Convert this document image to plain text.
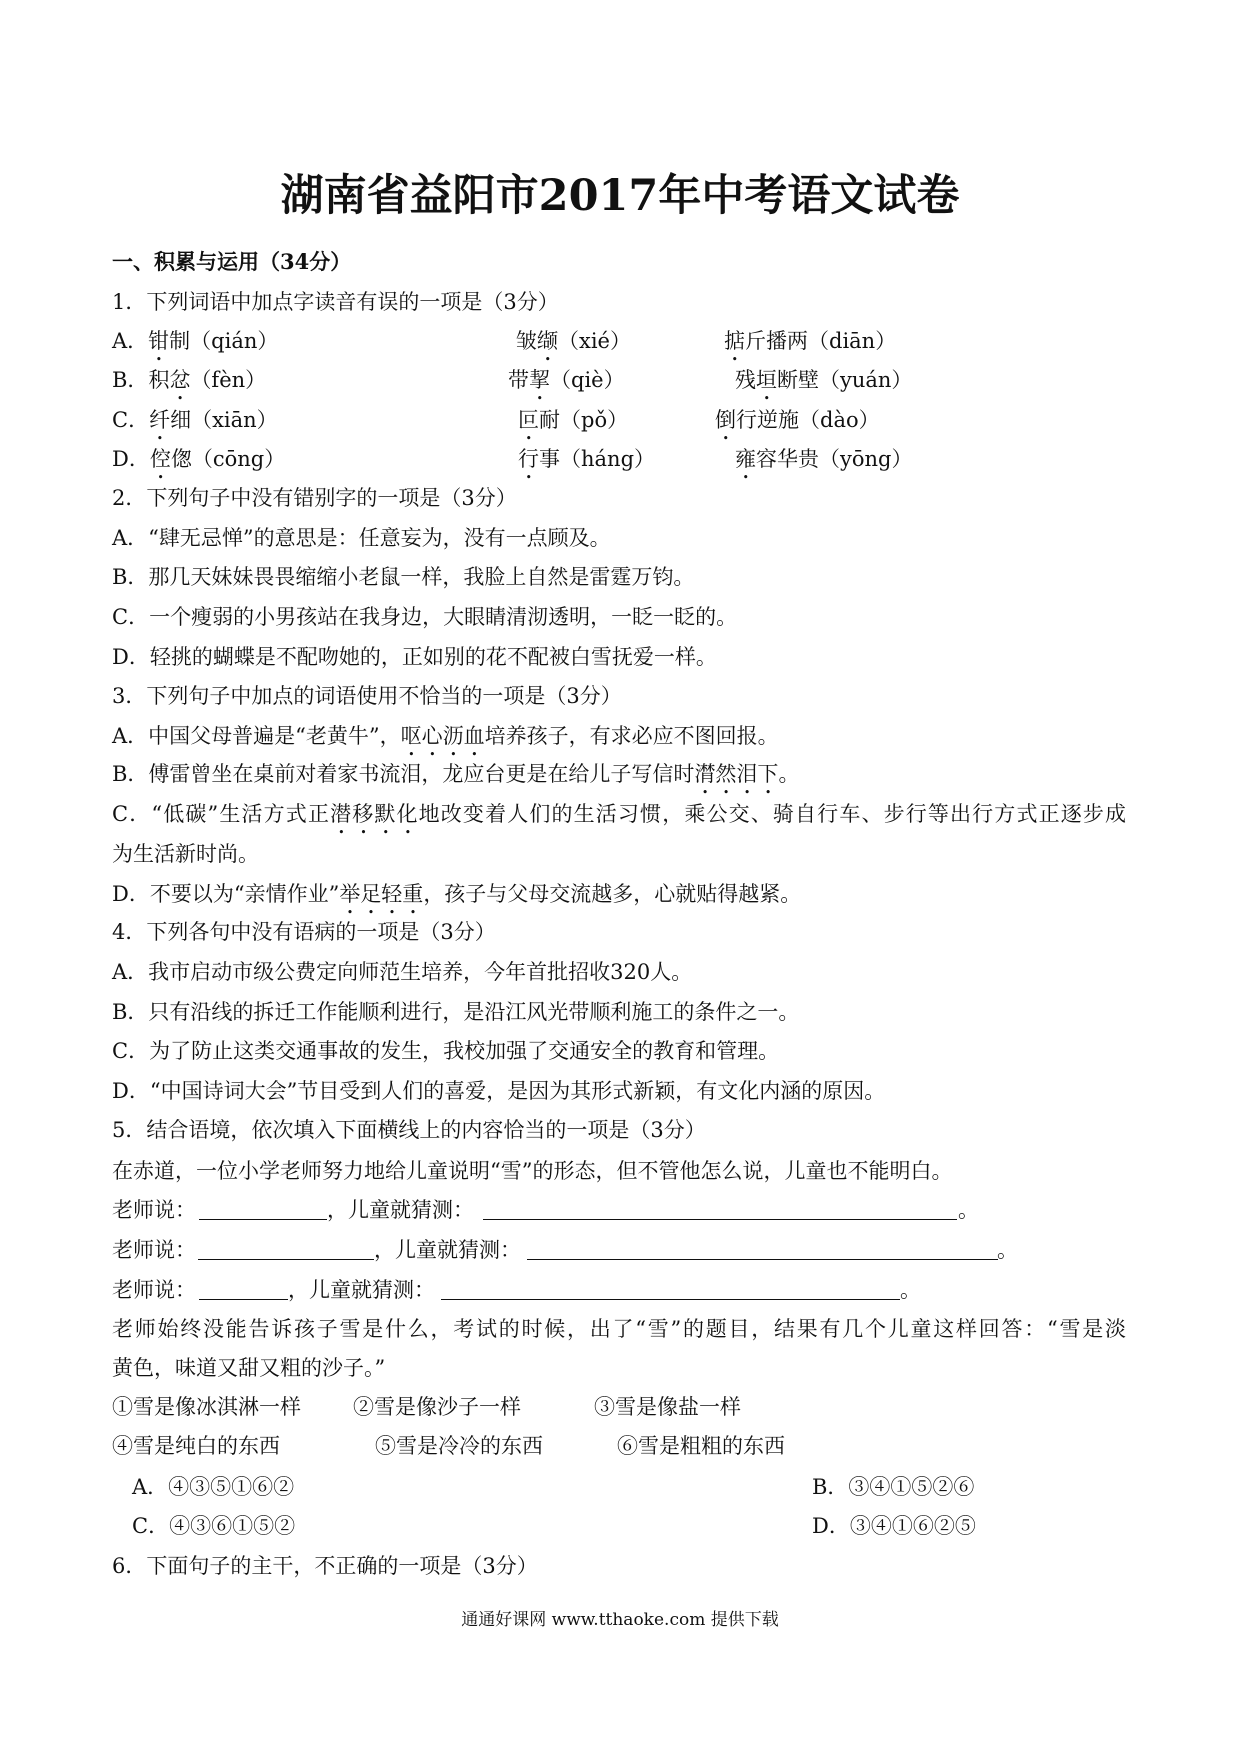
湖南省益阳市2017年中考语文试卷
一、积累与运用（34分）
1．下列词语中加点字读音有误的一项是（3分）
A．钳制（qián）	皱缬（xié）	掂斤播两（diān）
B．积忿（fèn）	带挈（qiè）	残垣断壁（yuán）
C．纤细（xiān）	叵耐（pǒ）	倒行逆施（dào）
D．倥偬（cōng）	行事（háng）	雍容华贵（yōng）
2．下列句子中没有错别字的一项是（3分）
A．“肆无忌惮”的意思是：任意妄为，没有一点顾及。
B．那几天妹妹畏畏缩缩小老鼠一样，我脸上自然是雷霆万钧。
C．一个瘦弱的小男孩站在我身边，大眼睛清沏透明，一眨一眨的。
D．轻挑的蝴蝶是不配吻她的，正如别的花不配被白雪抚爱一样。
3．下列句子中加点的词语使用不恰当的一项是（3分）
A．中国父母普遍是“老黄牛”，呕心沥血培养孩子，有求必应不图回报。
B．傅雷曾坐在桌前对着家书流泪，龙应台更是在给儿子写信时潸然泪下。
C．“低碳”生活方式正潜移默化地改变着人们的生活习惯，乘公交、骑自行车、步行等出行方式正逐步成
为生活新时尚。
D．不要以为“亲情作业”举足轻重，孩子与父母交流越多，心就贴得越紧。
4．下列各句中没有语病的一项是（3分）
A．我市启动市级公费定向师范生培养，今年首批招收320人。
B．只有沿线的拆迁工作能顺利进行，是沿江风光带顺利施工的条件之一。
C．为了防止这类交通事故的发生，我校加强了交通安全的教育和管理。
D．“中国诗词大会”节目受到人们的喜爱，是因为其形式新颖，有文化内涵的原因。
5．结合语境，依次填入下面横线上的内容恰当的一项是（3分）
在赤道，一位小学老师努力地给儿童说明“雪”的形态，但不管他怎么说，儿童也不能明白。
老师说：	，儿童就猜测：	。
老师说：	，儿童就猜测：	。
老师说：	，儿童就猜测：	。
老师始终没能告诉孩子雪是什么，考试的时候，出了“雪”的题目，结果有几个儿童这样回答：“雪是淡
黄色，味道又甜又粗的沙子。”
①雪是像冰淇淋一样 ②雪是像沙子一样	③雪是像盐一样
④雪是纯白的东西	⑤雪是冷冷的东西	⑥雪是粗粗的东西
A．④③⑤①⑥②	B．③④①⑤②⑥
C．④③⑥①⑤②	D．③④①⑥②⑤
6．下面句子的主干，不正确的一项是（3分）
通通好课网 www.tthaoke.com 提供下载
